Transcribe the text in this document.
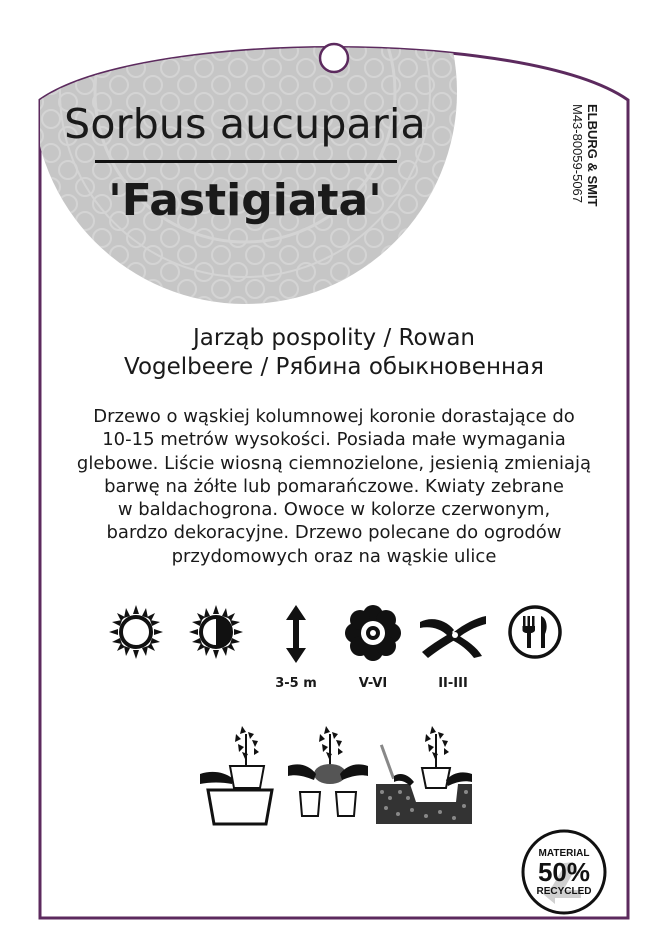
Sorbus aucuparia
'Fastigiata'	ELBURG & SMIT
M43-80059-5067
Jarząb pospolity / Rowan
Vogelbeere / Рябина обыкновенная
Drzewo o wąskiej kolumnowej koronie dorastające do
10-15 metrów wysokości. Posiada małe wymagania
glebowe. Liście wiosną ciemnozielone, jesienią zmieniają
barwę na żółte lub pomarańczowe. Kwiaty zebrane
w baldachogrona. Owoce w kolorze czerwonym,
bardzo dekoracyjne. Drzewo polecane do ogrodów
przydomowych oraz na wąskie ulice
3-5 m	V-VI	II-III
MATERIAL
50%
RECYCLED
